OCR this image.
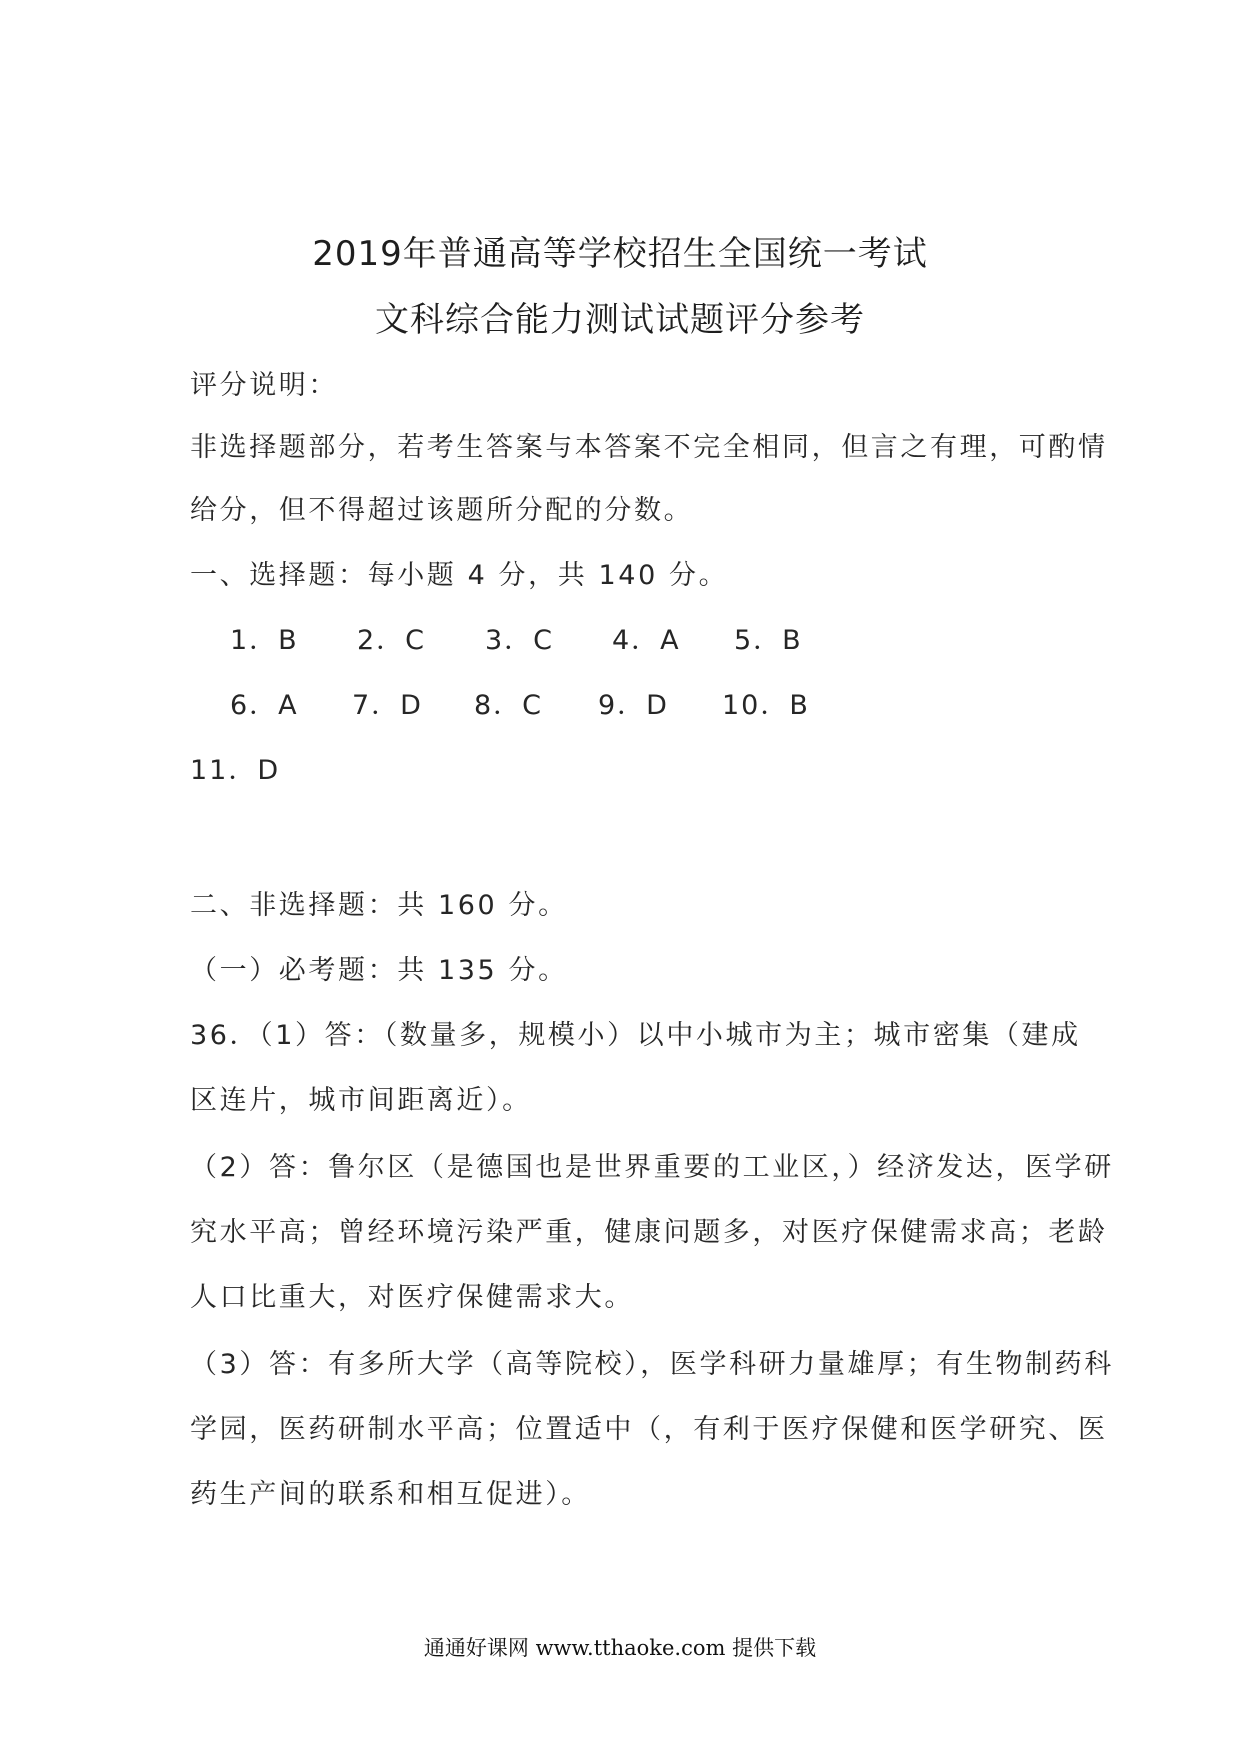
2019年普通高等学校招生全国统一考试
文科综合能力测试试题评分参考
评分说明：
非选择题部分，若考生答案与本答案不完全相同，但言之有理，可酌情
给分，但不得超过该题所分配的分数。
一、选择题：每小题 4 分，共 140 分。
1．B 2．C 3．C 4．A 5．B
6．A 7．D 8．C 9．D 10．B
11．D
二、非选择题：共 160 分。
（一）必考题：共 135 分。
36．（1）答：（数量多，规模小）以中小城市为主；城市密集（建成
区连片，城市间距离近）。
（2）答：鲁尔区（是德国也是世界重要的工业区，）经济发达，医学研
究水平高；曾经环境污染严重，健康问题多，对医疗保健需求高；老龄
人口比重大，对医疗保健需求大。
（3）答：有多所大学（高等院校），医学科研力量雄厚；有生物制药科
学园，医药研制水平高；位置适中（，有利于医疗保健和医学研究、医
药生产间的联系和相互促进）。
通通好课网 www.tthaoke.com 提供下载
